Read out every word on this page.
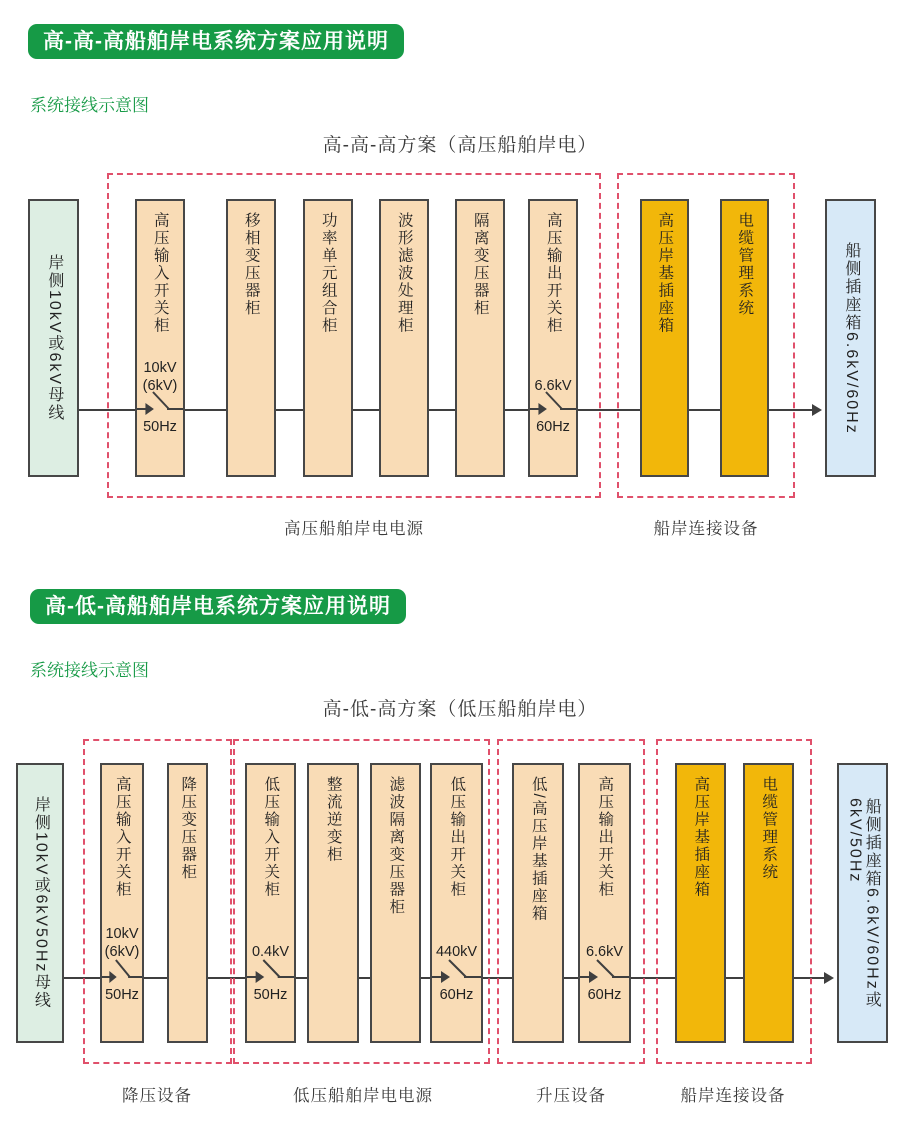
高-高-高船舶岸电系统方案应用说明
系统接线示意图
高-高-高方案（高压船舶岸电）
岸侧10kV或6kV母线	高压输入开关柜
10kV
(6kV)
50Hz
移相变压器柜	功率单元组合柜	波形滤波处理柜	隔离变压器柜	高压输出开关柜
6.6kV
60Hz
高压岸基插座箱	电缆管理系统	船侧插座箱6.6kV/60Hz
高压船舶岸电电源	船岸连接设备
高-低-高船舶岸电系统方案应用说明
系统接线示意图
高-低-高方案（低压船舶岸电）
岸侧10kV或6kV50Hz母线	高压输入开关柜
10kV
(6kV)
50Hz
降压变压器柜	低压输入开关柜
0.4kV
50Hz
整流逆变柜	滤波隔离变压器柜	低压输出开关柜
440kV
60Hz
低/高压岸基插座箱	高压输出开关柜
6.6kV
60Hz
高压岸基插座箱	电缆管理系统	船侧插座箱6.6kV/60Hz或
6kV/50Hz
降压设备	低压船舶岸电电源	升压设备	船岸连接设备
